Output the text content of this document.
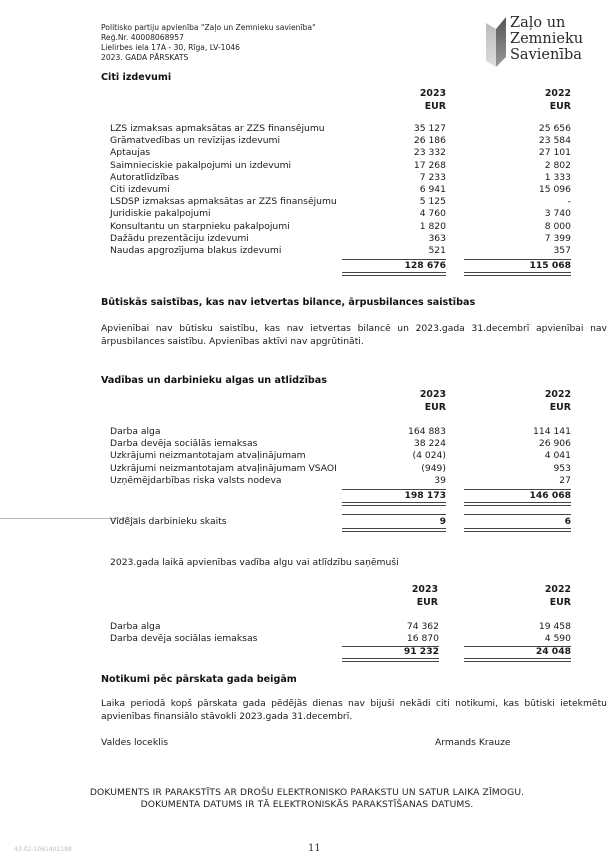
Politisko partiju apvienība "Zaļo un Zemnieku savienība"
Reģ.Nr. 40008068957
Lielirbes iela 17A - 30, Rīga, LV-1046
2023. GADA PĀRSKATS
Zaļo un
Zemnieku
Savienība
Citi izdevumi
2023
EUR
2022
EUR
LZS izmaksas apmaksātas ar ZZS finansējumu	35 127	25 656
Grāmatvedības un revīzijas izdevumi	26 186	23 584
Aptaujas	23 332	27 101
Saimnieciskie pakalpojumi un izdevumi	17 268	2 802
Autoratlīdzības	7 233	1 333
Citi izdevumi	6 941	15 096
LSDSP izmaksas apmaksātas ar ZZS finansējumu	5 125	-
Juridiskie pakalpojumi	4 760	3 740
Konsultantu un starpnieku pakalpojumi	1 820	8 000
Dažādu prezentāciju izdevumi	363	7 399
Naudas apgrozījuma blakus izdevumi	521	357
128 676	115 068
Būtiskās saistības, kas nav ietvertas bilance, ārpusbilances saistības
Apvienībai nav būtisku saistību, kas nav ietvertas bilancē un 2023.gada 31.decembrī apvienībai nav ārpusbilances saistību. Apvienības aktīvi nav apgrūtināti.
Vadības un darbinieku algas un atlīdzības
2023
EUR
2022
EUR
Darba alga	164 883	114 141
Darba devēja sociālās iemaksas	38 224	26 906
Uzkrājumi neizmantotajam atvaļinājumam	(4 024)	4 041
Uzkrājumi neizmantotajam atvaļinājumam VSAOI	(949)	953
Uzņēmējdarbības riska valsts nodeva	39	27
198 173	146 068
Vidējais darbinieku skaits	9	6
2023.gada laikā apvienības vadība algu vai atlīdzību saņēmuši
2023
EUR
2022
EUR
Darba alga	74 362	19 458
Darba devēja sociālas iemaksas	16 870	4 590
91 232	24 048
Notikumi pēc pārskata gada beigām
Laika periodā kopš pārskata gada pēdējās dienas nav bijuši nekādi citi notikumi, kas būtiski ietekmētu apvienības finansiālo stāvokli 2023.gada 31.decembrī.
Valdes loceklis	Armands Krauze
DOKUMENTS IR PARAKSTĪTS AR DROŠU ELEKTRONISKO PARAKSTU UN SATUR LAIKA ZĪMOGU.
DOKUMENTA DATUMS IR TĀ ELEKTRONISKĀS PARAKSTĪŠANAS DATUMS.
43-02-1061402198	11
